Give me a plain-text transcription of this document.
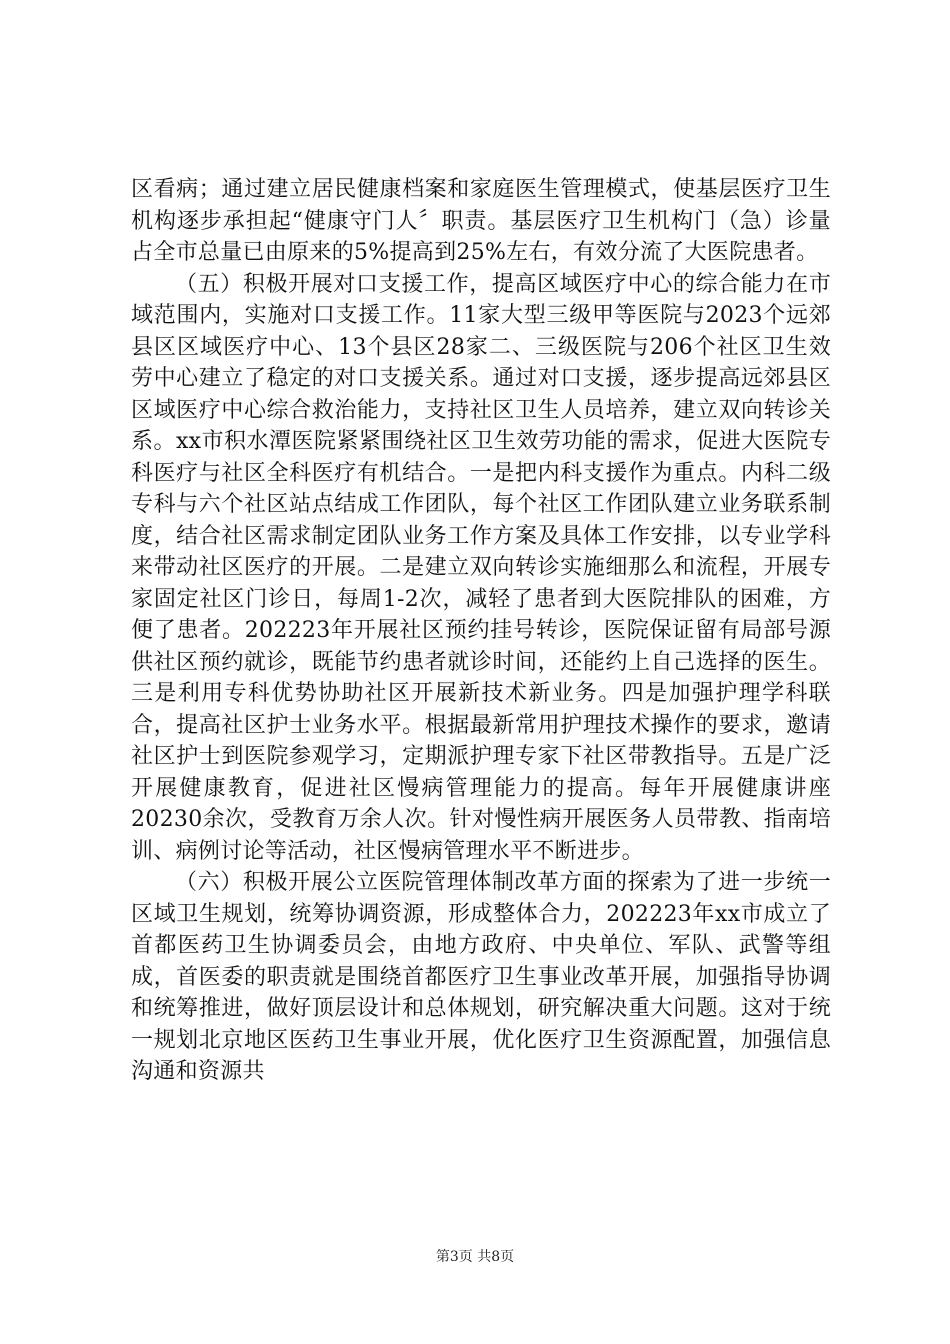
区看病；通过建立居民健康档案和家庭医生管理模式，使基层医疗卫生机构逐步承担起“健康守门人〞职责。基层医疗卫生机构门（急）诊量占全市总量已由原来的5%提高到25%左右，有效分流了大医院患者。

（五）积极开展对口支援工作，提高区域医疗中心的综合能力在市域范围内，实施对口支援工作。11家大型三级甲等医院与2023个远郊县区区域医疗中心、13个县区28家二、三级医院与206个社区卫生效劳中心建立了稳定的对口支援关系。通过对口支援，逐步提高远郊县区区域医疗中心综合救治能力，支持社区卫生人员培养，建立双向转诊关系。xx市积水潭医院紧紧围绕社区卫生效劳功能的需求，促进大医院专科医疗与社区全科医疗有机结合。一是把内科支援作为重点。内科二级专科与六个社区站点结成工作团队，每个社区工作团队建立业务联系制度，结合社区需求制定团队业务工作方案及具体工作安排，以专业学科来带动社区医疗的开展。二是建立双向转诊实施细那么和流程，开展专家固定社区门诊日，每周1-2次，减轻了患者到大医院排队的困难，方便了患者。202223年开展社区预约挂号转诊，医院保证留有局部号源供社区预约就诊，既能节约患者就诊时间，还能约上自己选择的医生。三是利用专科优势协助社区开展新技术新业务。四是加强护理学科联合，提高社区护士业务水平。根据最新常用护理技术操作的要求，邀请社区护士到医院参观学习，定期派护理专家下社区带教指导。五是广泛开展健康教育，促进社区慢病管理能力的提高。每年开展健康讲座20230余次，受教育万余人次。针对慢性病开展医务人员带教、指南培训、病例讨论等活动，社区慢病管理水平不断进步。

（六）积极开展公立医院管理体制改革方面的探索为了进一步统一区域卫生规划，统筹协调资源，形成整体合力，202223年xx市成立了首都医药卫生协调委员会，由地方政府、中央单位、军队、武警等组成，首医委的职责就是围绕首都医疗卫生事业改革开展，加强指导协调和统筹推进，做好顶层设计和总体规划，研究解决重大问题。这对于统一规划北京地区医药卫生事业开展，优化医疗卫生资源配置，加强信息沟通和资源共

第3页 共8页
